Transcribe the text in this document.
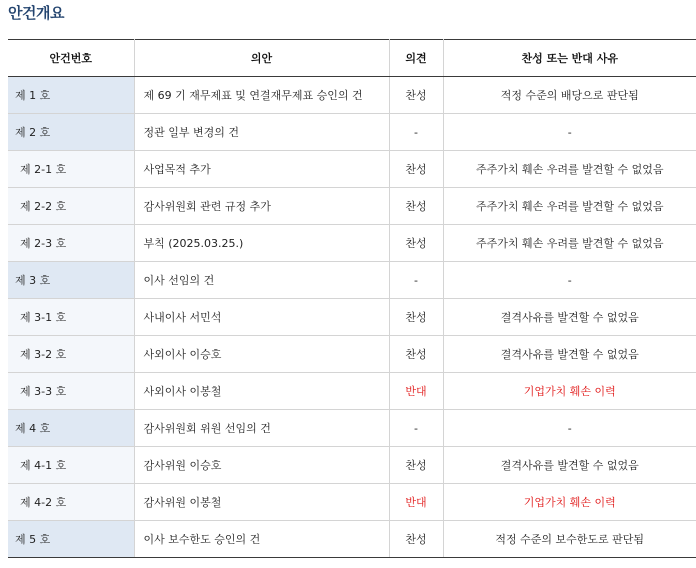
안건개요
안건번호	의안	의견	찬성 또는 반대 사유
제 1 호	제 69 기 재무제표 및 연결재무제표 승인의 건	찬성	적정 수준의 배당으로 판단됨
제 2 호	정관 일부 변경의 건	-	-
제 2-1 호	사업목적 추가	찬성	주주가치 훼손 우려를 발견할 수 없었음
제 2-2 호	감사위원회 관련 규정 추가	찬성	주주가치 훼손 우려를 발견할 수 없었음
제 2-3 호	부칙 (2025.03.25.)	찬성	주주가치 훼손 우려를 발견할 수 없었음
제 3 호	이사 선임의 건	-	-
제 3-1 호	사내이사 서민석	찬성	결격사유를 발견할 수 없었음
제 3-2 호	사외이사 이승호	찬성	결격사유를 발견할 수 없었음
제 3-3 호	사외이사 이봉철	반대	기업가치 훼손 이력
제 4 호	감사위원회 위원 선임의 건	-	-
제 4-1 호	감사위원 이승호	찬성	결격사유를 발견할 수 없었음
제 4-2 호	감사위원 이봉철	반대	기업가치 훼손 이력
제 5 호	이사 보수한도 승인의 건	찬성	적정 수준의 보수한도로 판단됨
